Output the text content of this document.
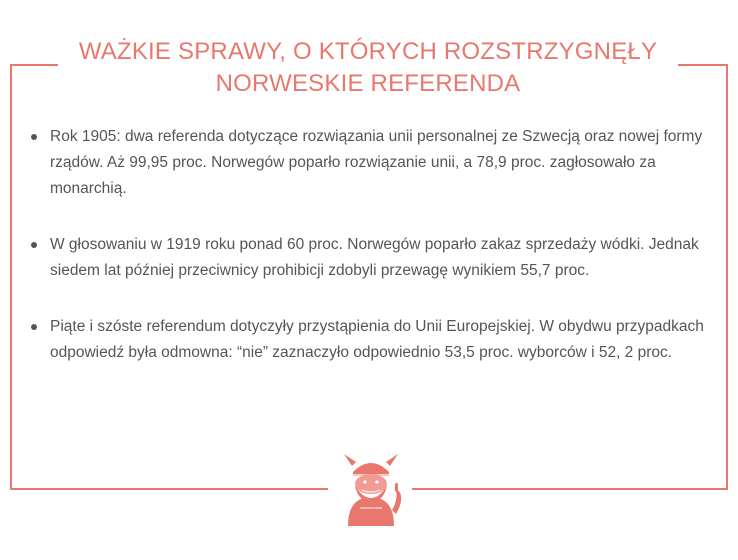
WAŻKIE SPRAWY, O KTÓRYCH ROZSTRZYGNĘŁY
NORWESKIE REFERENDA
Rok 1905: dwa referenda dotyczące rozwiązania unii personalnej ze Szwecją oraz nowej formy rządów. Aż 99,95 proc. Norwegów poparło rozwiązanie unii, a 78,9 proc. zagłosowało za monarchią.
W głosowaniu w 1919 roku ponad 60 proc. Norwegów poparło zakaz sprzedaży wódki. Jednak siedem lat później przeciwnicy prohibicji zdobyli przewagę wynikiem 55,7 proc.
Piąte i szóste referendum dotyczyły przystąpienia do Unii Europejskiej. W obydwu przypadkach odpowiedź była odmowna: “nie” zaznaczyło odpowiednio 53,5 proc. wyborców i 52, 2 proc.
